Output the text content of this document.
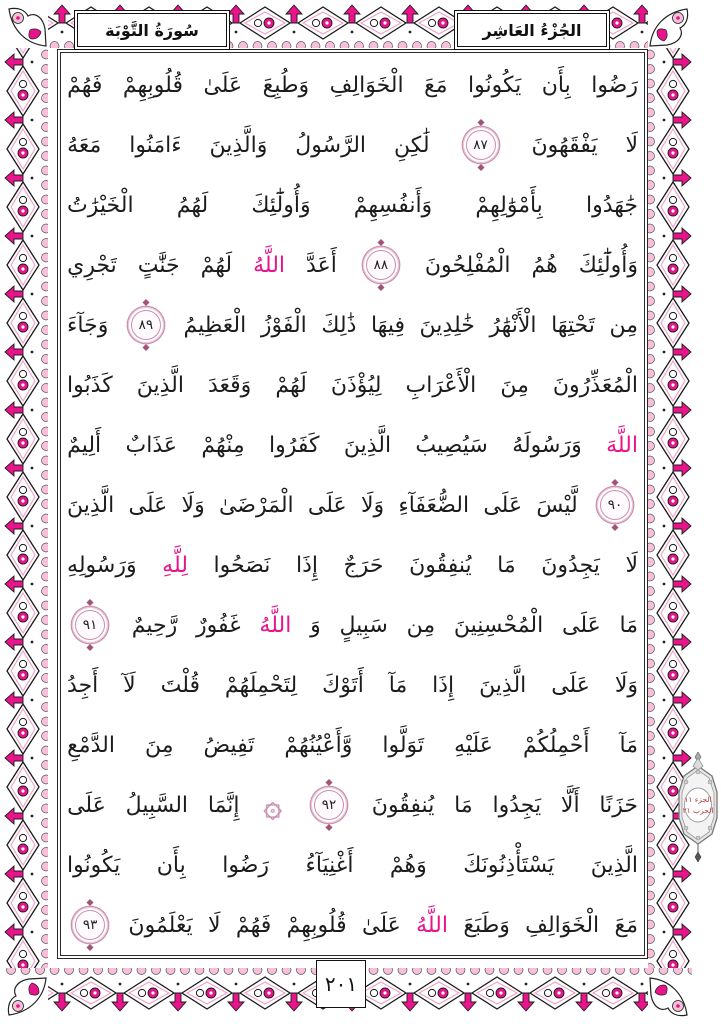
سُورَةُ التَّوْبَة	الجُزْءُ العَاشِر
رَضُوا
بِأَن
يَكُونُوا
مَعَ
الْخَوَالِفِ
وَطُبِعَ
عَلَىٰ
قُلُوبِهِمْ
فَهُمْ
لَا
يَفْقَهُونَ
٨٧
لَٰكِنِ
الرَّسُولُ
وَالَّذِينَ
ءَامَنُوا
مَعَهُ
جَٰهَدُوا
بِأَمْوَٰلِهِمْ
وَأَنفُسِهِمْ
وَأُولَٰٓئِكَ
لَهُمُ
الْخَيْرَٰتُ
وَأُولَٰٓئِكَ
هُمُ
الْمُفْلِحُونَ
٨٨
أَعَدَّ
اللَّهُ
لَهُمْ
جَنَّٰتٍ
تَجْرِي
مِن
تَحْتِهَا
الْأَنْهَٰرُ
خَٰلِدِينَ
فِيهَا
ذَٰلِكَ
الْفَوْزُ
الْعَظِيمُ
٨٩
وَجَآءَ
الْمُعَذِّرُونَ
مِنَ
الْأَعْرَابِ
لِيُؤْذَنَ
لَهُمْ
وَقَعَدَ
الَّذِينَ
كَذَبُوا
اللَّهَ
وَرَسُولَهُ
سَيُصِيبُ
الَّذِينَ
كَفَرُوا
مِنْهُمْ
عَذَابٌ
أَلِيمٌ
٩٠
لَّيْسَ
عَلَى
الضُّعَفَآءِ
وَلَا
عَلَى
الْمَرْضَىٰ
وَلَا
عَلَى
الَّذِينَ
لَا
يَجِدُونَ
مَا
يُنفِقُونَ
حَرَجٌ
إِذَا
نَصَحُوا
لِلَّهِ
وَرَسُولِهِ
مَا
عَلَى
الْمُحْسِنِينَ
مِن
سَبِيلٍ
وَ
اللَّهُ
غَفُورٌ
رَّحِيمٌ
٩١
وَلَا
عَلَى
الَّذِينَ
إِذَا
مَآ
أَتَوْكَ
لِتَحْمِلَهُمْ
قُلْتَ
لَآ
أَجِدُ
مَآ
أَحْمِلُكُمْ
عَلَيْهِ
تَوَلَّوا
وَّأَعْيُنُهُمْ
تَفِيضُ
مِنَ
الدَّمْعِ
حَزَنًا
أَلَّا
يَجِدُوا
مَا
يُنفِقُونَ
٩٢
۞
إِنَّمَا
السَّبِيلُ
عَلَى
الَّذِينَ
يَسْتَأْذِنُونَكَ
وَهُمْ
أَغْنِيَآءُ
رَضُوا
بِأَن
يَكُونُوا
مَعَ
الْخَوَالِفِ
وَطَبَعَ
اللَّهُ
عَلَىٰ
قُلُوبِهِمْ
فَهُمْ
لَا
يَعْلَمُونَ
٩٣
الجزء ١١
الحزب ٢١
٢٠١
